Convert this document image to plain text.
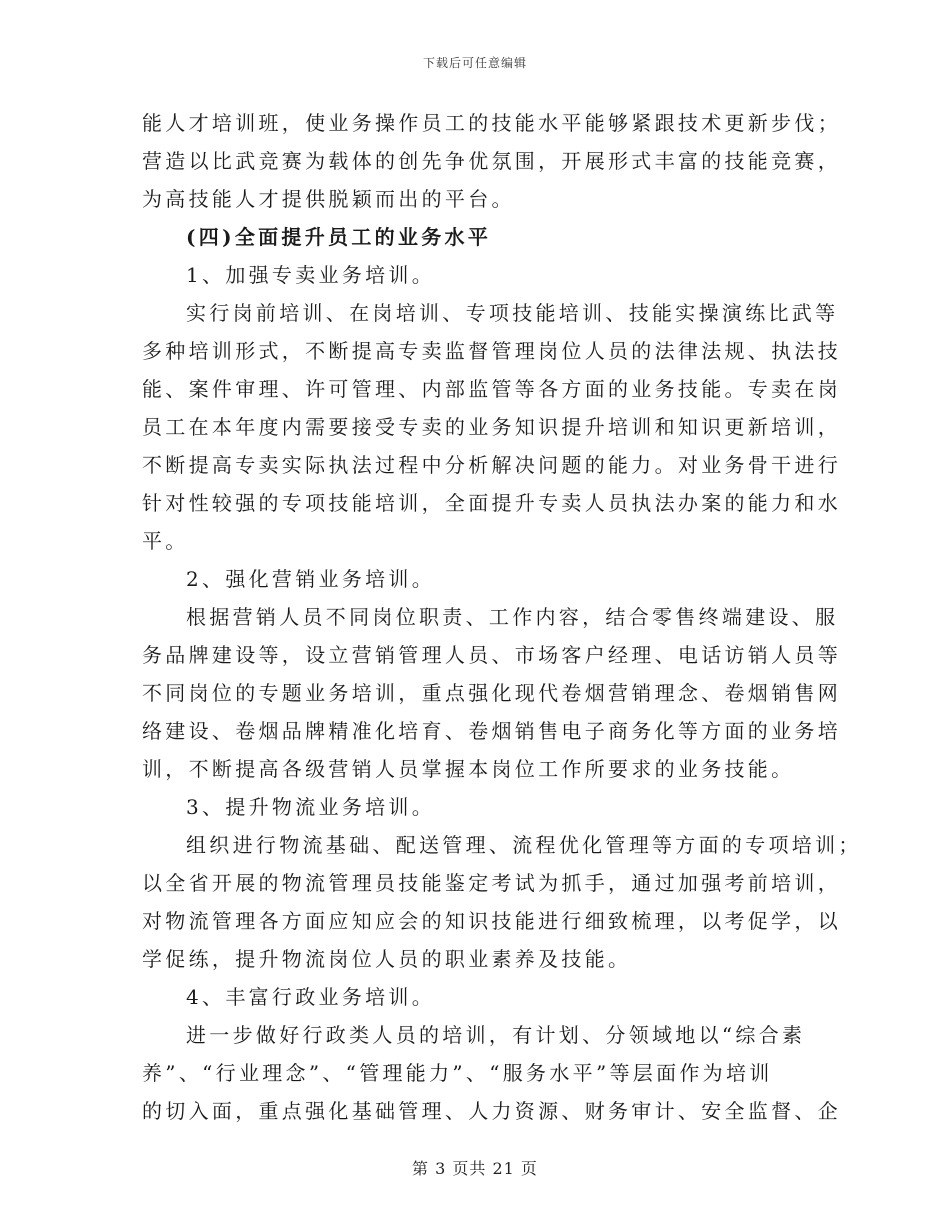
下载后可任意编辑
能人才培训班，使业务操作员工的技能水平能够紧跟技术更新步伐；
营造以比武竞赛为载体的创先争优氛围，开展形式丰富的技能竞赛，
为高技能人才提供脱颖而出的平台。
(四)全面提升员工的业务水平
1、加强专卖业务培训。
实行岗前培训、在岗培训、专项技能培训、技能实操演练比武等
多种培训形式，不断提高专卖监督管理岗位人员的法律法规、执法技
能、案件审理、许可管理、内部监管等各方面的业务技能。专卖在岗
员工在本年度内需要接受专卖的业务知识提升培训和知识更新培训，
不断提高专卖实际执法过程中分析解决问题的能力。对业务骨干进行
针对性较强的专项技能培训，全面提升专卖人员执法办案的能力和水
平。
2、强化营销业务培训。
根据营销人员不同岗位职责、工作内容，结合零售终端建设、服
务品牌建设等，设立营销管理人员、市场客户经理、电话访销人员等
不同岗位的专题业务培训，重点强化现代卷烟营销理念、卷烟销售网
络建设、卷烟品牌精准化培育、卷烟销售电子商务化等方面的业务培
训，不断提高各级营销人员掌握本岗位工作所要求的业务技能。
3、提升物流业务培训。
组织进行物流基础、配送管理、流程优化管理等方面的专项培训；
以全省开展的物流管理员技能鉴定考试为抓手，通过加强考前培训，
对物流管理各方面应知应会的知识技能进行细致梳理，以考促学，以
学促练，提升物流岗位人员的职业素养及技能。
4、丰富行政业务培训。
进一步做好行政类人员的培训，有计划、分领域地以“综合素
养”、“行业理念”、“管理能力”、“服务水平”等层面作为培训
的切入面，重点强化基础管理、人力资源、财务审计、安全监督、企
第 3 页共 21 页
